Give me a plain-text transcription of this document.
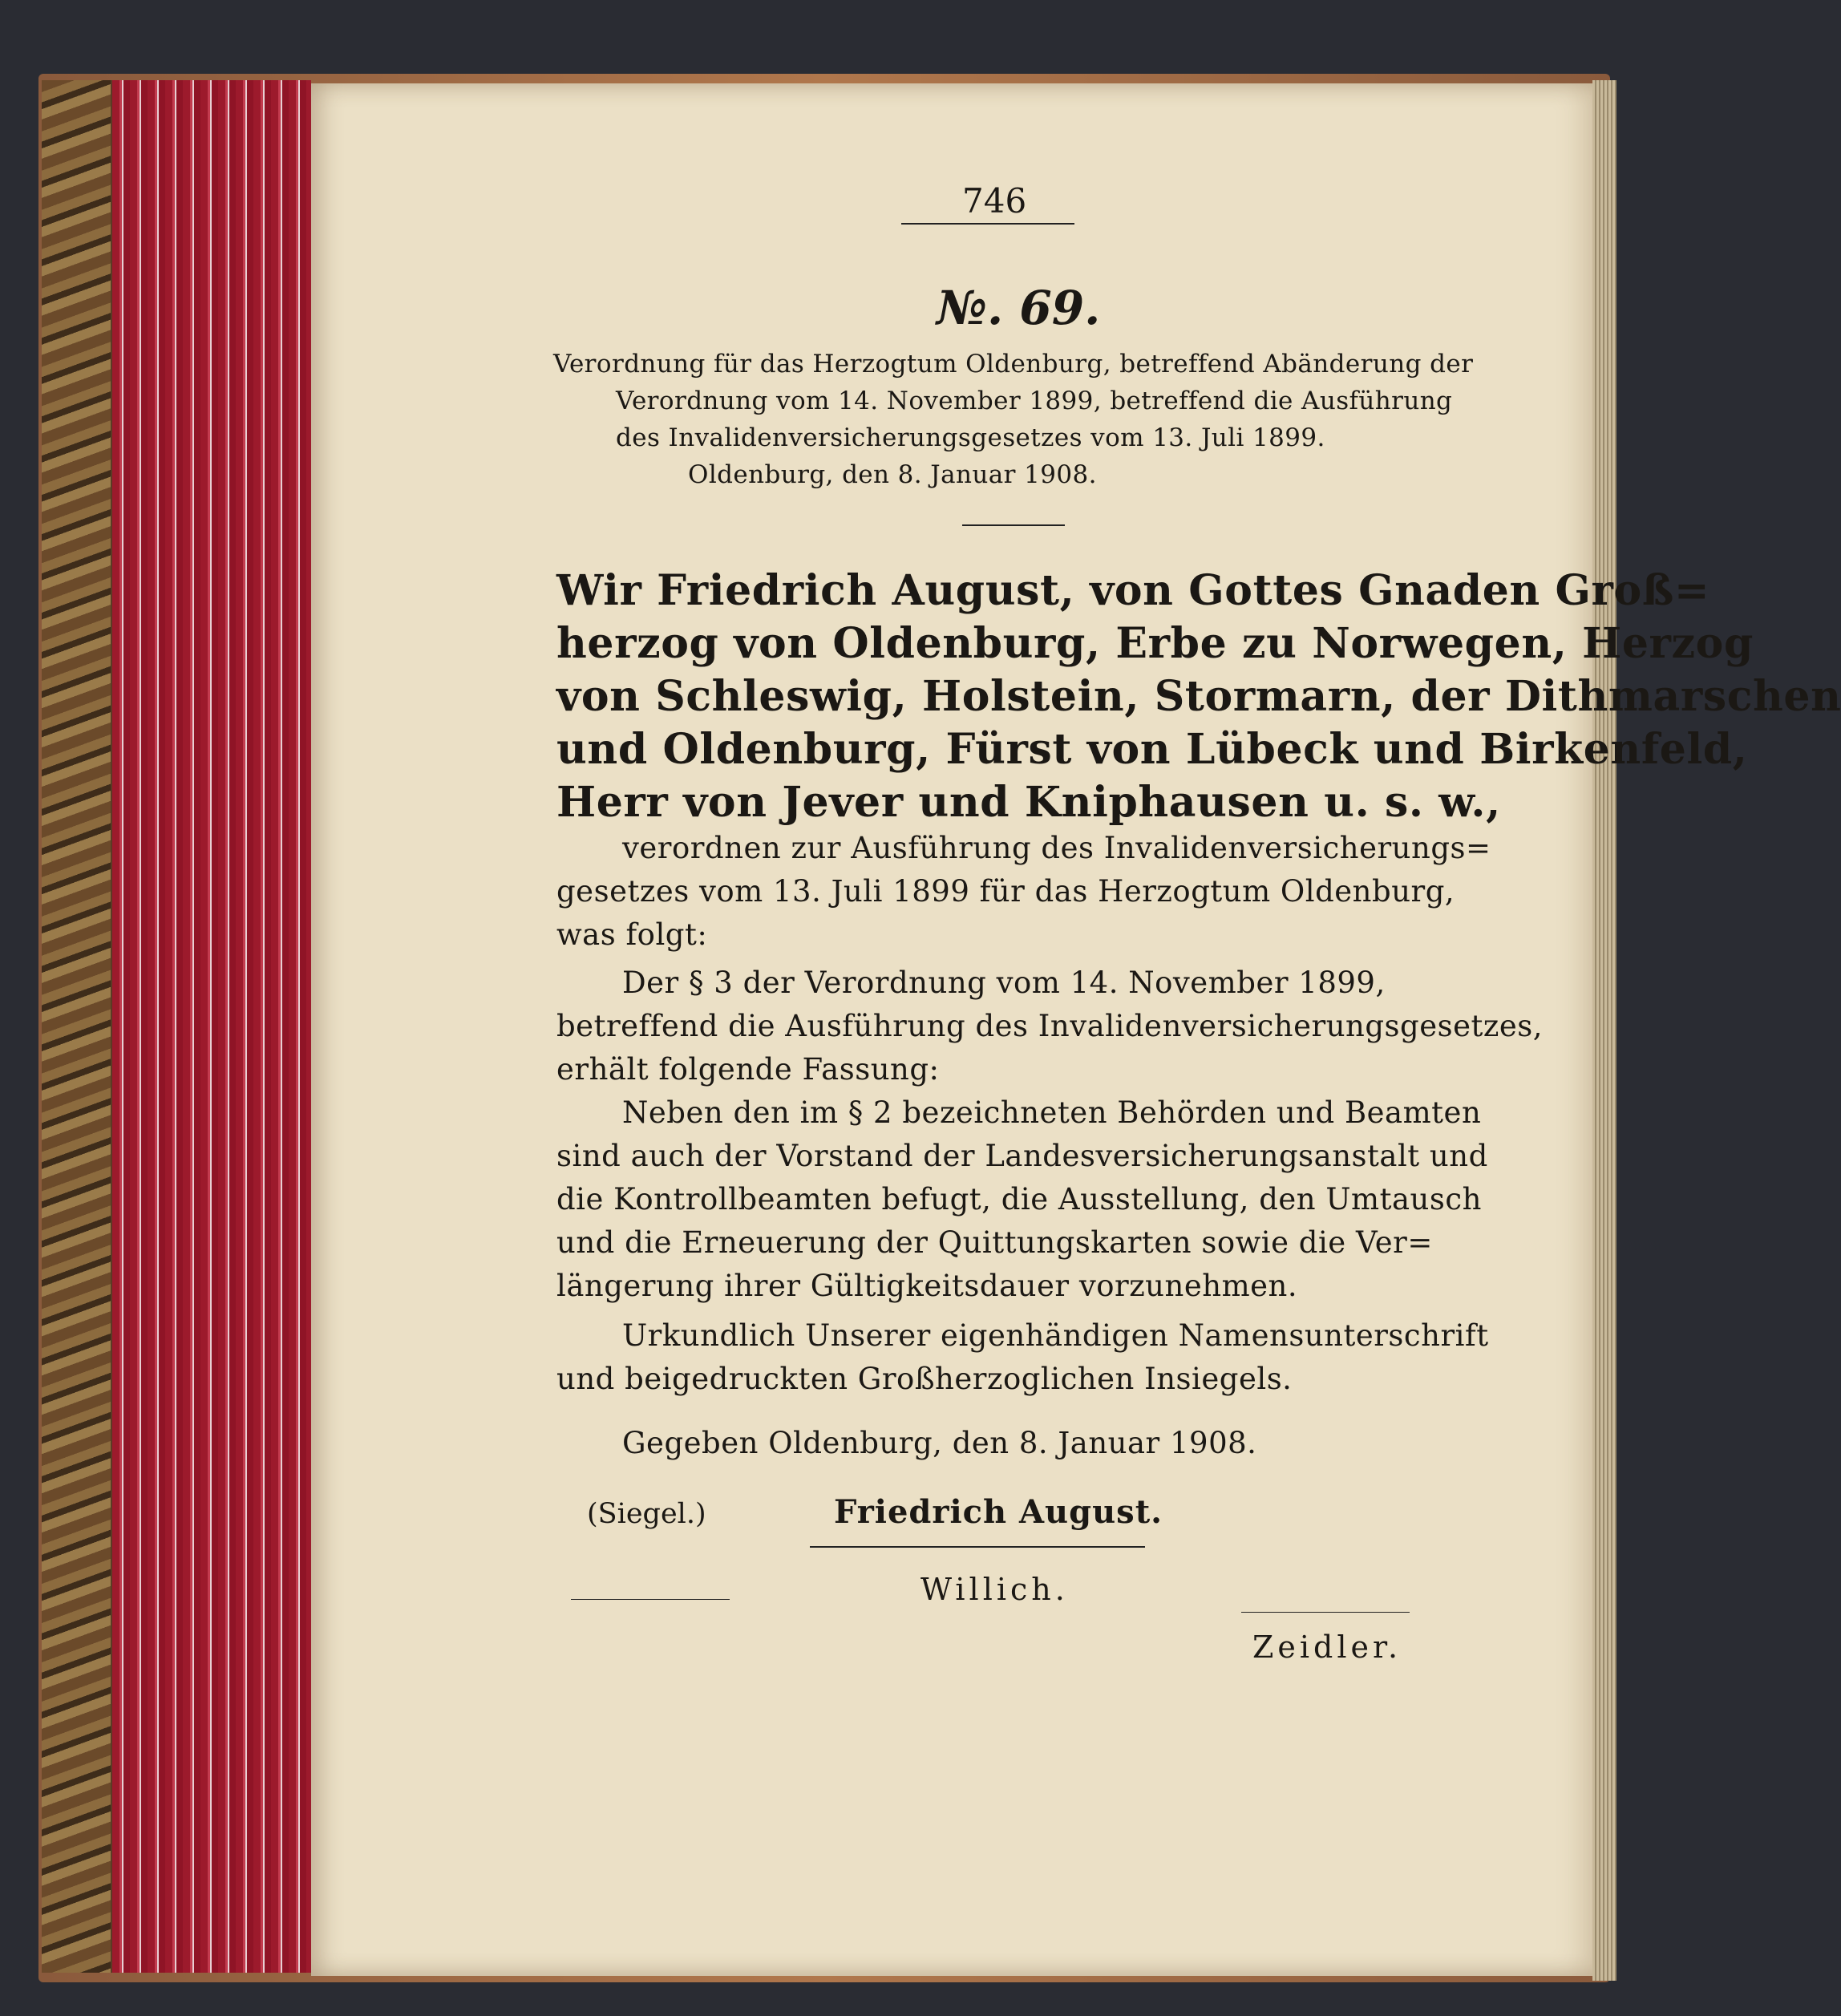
746
№. 69.
Verordnung für das Herzogtum Oldenburg, betreffend Abänderung der
Verordnung vom 14. November 1899, betreffend die Ausführung
des Invalidenversicherungsgesetzes vom 13. Juli 1899.
Oldenburg, den 8. Januar 1908.
Wir Friedrich August, von Gottes Gnaden Groß=
herzog von Oldenburg, Erbe zu Norwegen, Herzog
von Schleswig, Holstein, Stormarn, der Dithmarschen
und Oldenburg, Fürst von Lübeck und Birkenfeld,
Herr von Jever und Kniphausen u. s. w.,
verordnen zur Ausführung des Invalidenversicherungs=
gesetzes vom 13. Juli 1899 für das Herzogtum Oldenburg,
was folgt:
Der § 3 der Verordnung vom 14. November 1899,
betreffend die Ausführung des Invalidenversicherungsgesetzes,
erhält folgende Fassung:
Neben den im § 2 bezeichneten Behörden und Beamten
sind auch der Vorstand der Landesversicherungsanstalt und
die Kontrollbeamten befugt, die Ausstellung, den Umtausch
und die Erneuerung der Quittungskarten sowie die Ver=
längerung ihrer Gültigkeitsdauer vorzunehmen.
Urkundlich Unserer eigenhändigen Namensunterschrift
und beigedruckten Großherzoglichen Insiegels.
Gegeben Oldenburg, den 8. Januar 1908.
(Siegel.)	Friedrich August.
Willich.
Zeidler.
